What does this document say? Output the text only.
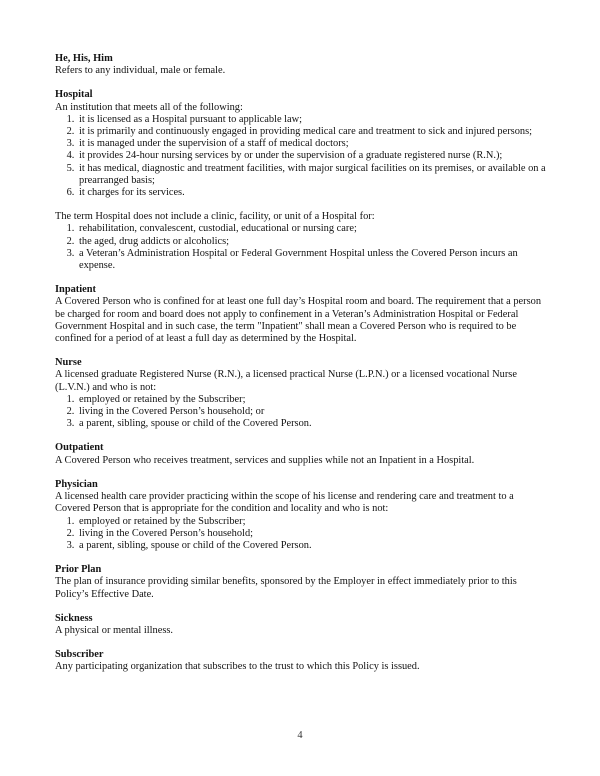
He, His, Him

Refers to any individual, male or female.

Hospital

An institution that meets all of the following:

1. it is licensed as a Hospital pursuant to applicable law;
2. it is primarily and continuously engaged in providing medical care and treatment to sick and injured persons;
3. it is managed under the supervision of a staff of medical doctors;
4. it provides 24-hour nursing services by or under the supervision of a graduate registered nurse (R.N.);
5. it has medical, diagnostic and treatment facilities, with major surgical facilities on its premises, or available on a prearranged basis;
6. it charges for its services.

The term Hospital does not include a clinic, facility, or unit of a Hospital for:

1. rehabilitation, convalescent, custodial, educational or nursing care;
2. the aged, drug addicts or alcoholics;
3. a Veteran’s Administration Hospital or Federal Government Hospital unless the Covered Person incurs an expense.
Inpatient

A Covered Person who is confined for at least one full day’s Hospital room and board. The requirement that a person be charged for room and board does not apply to confinement in a Veteran’s Administration Hospital or Federal Government Hospital and in such case, the term "Inpatient" shall mean a Covered Person who is required to be confined for a period of at least a full day as determined by the Hospital.

Nurse

A licensed graduate Registered Nurse (R.N.), a licensed practical Nurse (L.P.N.) or a licensed vocational Nurse (L.V.N.) and who is not:

1. employed or retained by the Subscriber;
2. living in the Covered Person’s household; or
3. a parent, sibling, spouse or child of the Covered Person.
Outpatient

A Covered Person who receives treatment, services and supplies while not an Inpatient in a Hospital.

Physician

A licensed health care provider practicing within the scope of his license and rendering care and treatment to a Covered Person that is appropriate for the condition and locality and who is not:

1. employed or retained by the Subscriber;
2. living in the Covered Person’s household;
3. a parent, sibling, spouse or child of the Covered Person.
Prior Plan

The plan of insurance providing similar benefits, sponsored by the Employer in effect immediately prior to this Policy’s Effective Date.

Sickness

A physical or mental illness.

Subscriber

Any participating organization that subscribes to the trust to which this Policy is issued.

4
